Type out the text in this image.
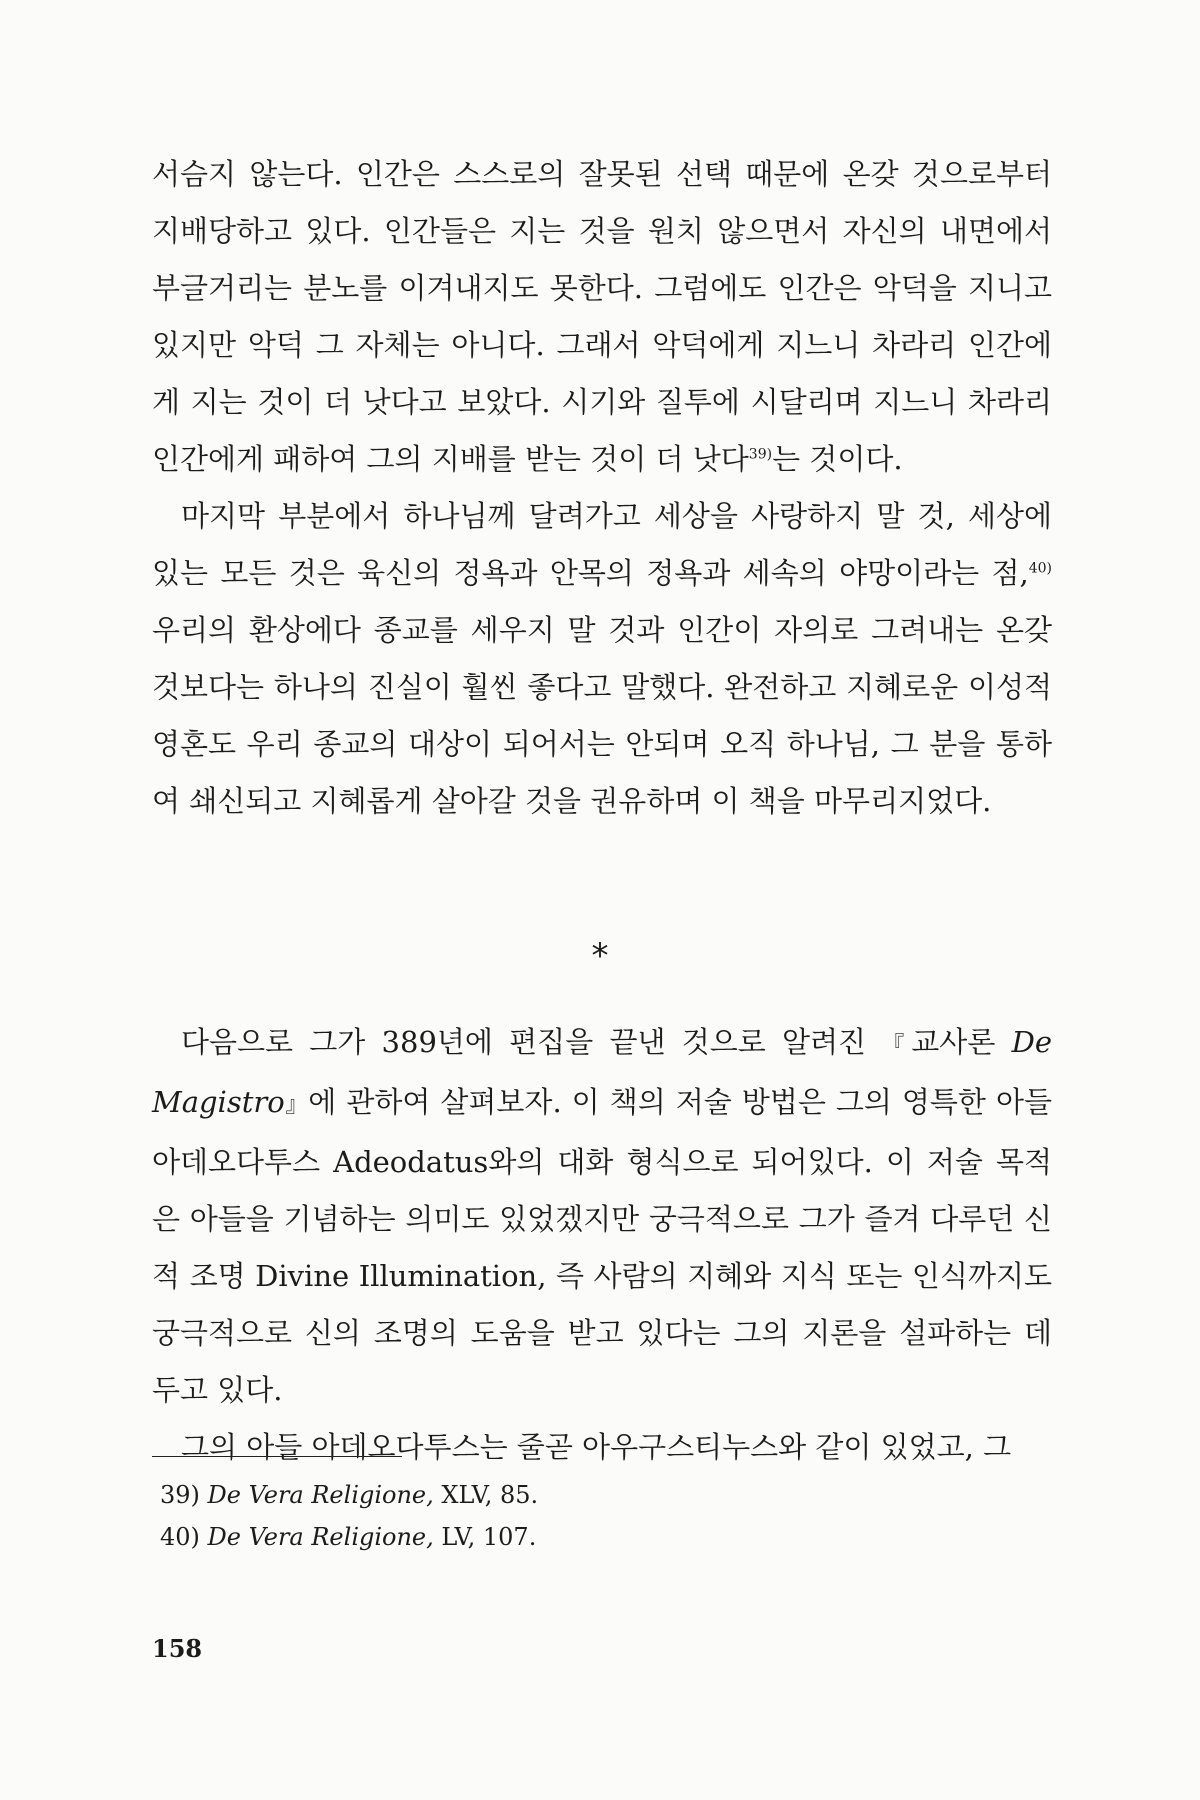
서슴지 않는다. 인간은 스스로의 잘못된 선택 때문에 온갖 것으로부터 지배당하고 있다. 인간들은 지는 것을 원치 않으면서 자신의 내면에서 부글거리는 분노를 이겨내지도 못한다. 그럼에도 인간은 악덕을 지니고 있지만 악덕 그 자체는 아니다. 그래서 악덕에게 지느니 차라리 인간에게 지는 것이 더 낫다고 보았다. 시기와 질투에 시달리며 지느니 차라리 인간에게 패하여 그의 지배를 받는 것이 더 낫다$^{39)}$는 것이다.

마지막 부분에서 하나님께 달려가고 세상을 사랑하지 말 것, 세상에 있는 모든 것은 육신의 정욕과 안목의 정욕과 세속의 야망이라는 점,$^{40)}$ 우리의 환상에다 종교를 세우지 말 것과 인간이 자의로 그려내는 온갖 것보다는 하나의 진실이 훨씬 좋다고 말했다. 완전하고 지혜로운 이성적 영혼도 우리 종교의 대상이 되어서는 안되며 오직 하나님, 그 분을 통하여 쇄신되고 지혜롭게 살아갈 것을 권유하며 이 책을 마무리지었다.

*

다음으로 그가 389년에 편집을 끝낸 것으로 알려진 『교사론 De Magistro』에 관하여 살펴보자. 이 책의 저술 방법은 그의 영특한 아들 아데오다투스 Adeodatus와의 대화 형식으로 되어있다. 이 저술 목적은 아들을 기념하는 의미도 있었겠지만 궁극적으로 그가 즐겨 다루던 신적 조명 Divine Illumination, 즉 사람의 지혜와 지식 또는 인식까지도 궁극적으로 신의 조명의 도움을 받고 있다는 그의 지론을 설파하는 데 두고 있다.

그의 아들 아데오다투스는 줄곧 아우구스티누스와 같이 있었고, 그

39) De Vera Religione, XLV, 85.

40) De Vera Religione, LV, 107.

158
